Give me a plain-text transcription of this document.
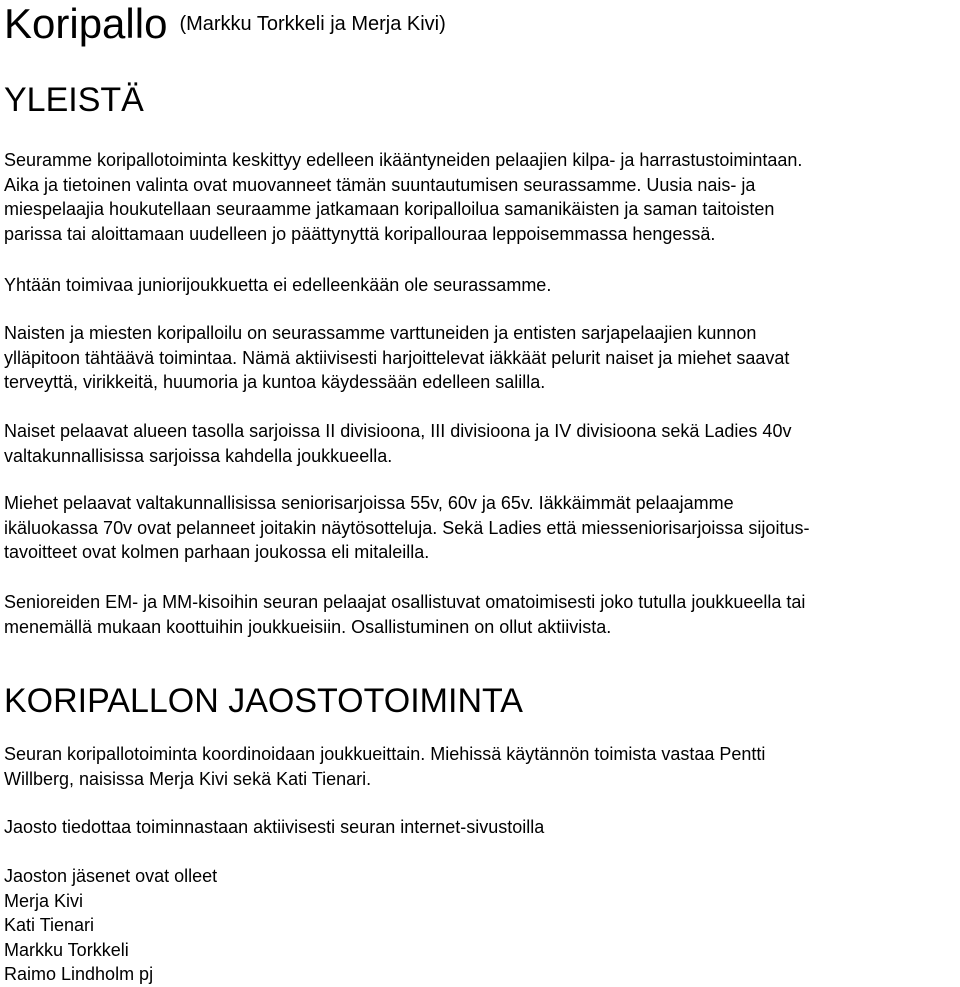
Koripallo (Markku Torkkeli ja Merja Kivi)
YLEISTÄ

Seuramme koripallotoiminta keskittyy edelleen ikääntyneiden pelaajien kilpa- ja harrastustoimintaan.
Aika ja tietoinen valinta ovat muovanneet tämän suuntautumisen seurassamme. Uusia nais- ja
miespelaajia houkutellaan seuraamme jatkamaan koripalloilua samanikäisten ja saman taitoisten
parissa tai aloittamaan uudelleen jo päättynyttä koripallouraa leppoisemmassa hengessä.

Yhtään toimivaa juniorijoukkuetta ei edelleenkään ole seurassamme.

Naisten ja miesten koripalloilu on seurassamme varttuneiden ja entisten sarjapelaajien kunnon
ylläpitoon tähtäävä toimintaa. Nämä aktiivisesti harjoittelevat iäkkäät pelurit naiset ja miehet saavat
terveyttä, virikkeitä, huumoria ja kuntoa käydessään edelleen salilla.

Naiset pelaavat alueen tasolla sarjoissa II divisioona, III divisioona ja IV divisioona sekä Ladies 40v
valtakunnallisissa sarjoissa kahdella joukkueella.

Miehet pelaavat valtakunnallisissa seniorisarjoissa 55v, 60v ja 65v. Iäkkäimmät pelaajamme
ikäluokassa 70v ovat pelanneet joitakin näytösotteluja. Sekä Ladies että miesseniorisarjoissa sijoitus-
tavoitteet ovat kolmen parhaan joukossa eli mitaleilla.

Senioreiden EM- ja MM-kisoihin seuran pelaajat osallistuvat omatoimisesti joko tutulla joukkueella tai
menemällä mukaan koottuihin joukkueisiin. Osallistuminen on ollut aktiivista.

KORIPALLON JAOSTOTOIMINTA

Seuran koripallotoiminta koordinoidaan joukkueittain. Miehissä käytännön toimista vastaa Pentti
Willberg, naisissa Merja Kivi sekä Kati Tienari.

Jaosto tiedottaa toiminnastaan aktiivisesti seuran internet-sivustoilla

Jaoston jäsenet ovat olleet
Merja Kivi
Kati Tienari
Markku Torkkeli
Raimo Lindholm pj
